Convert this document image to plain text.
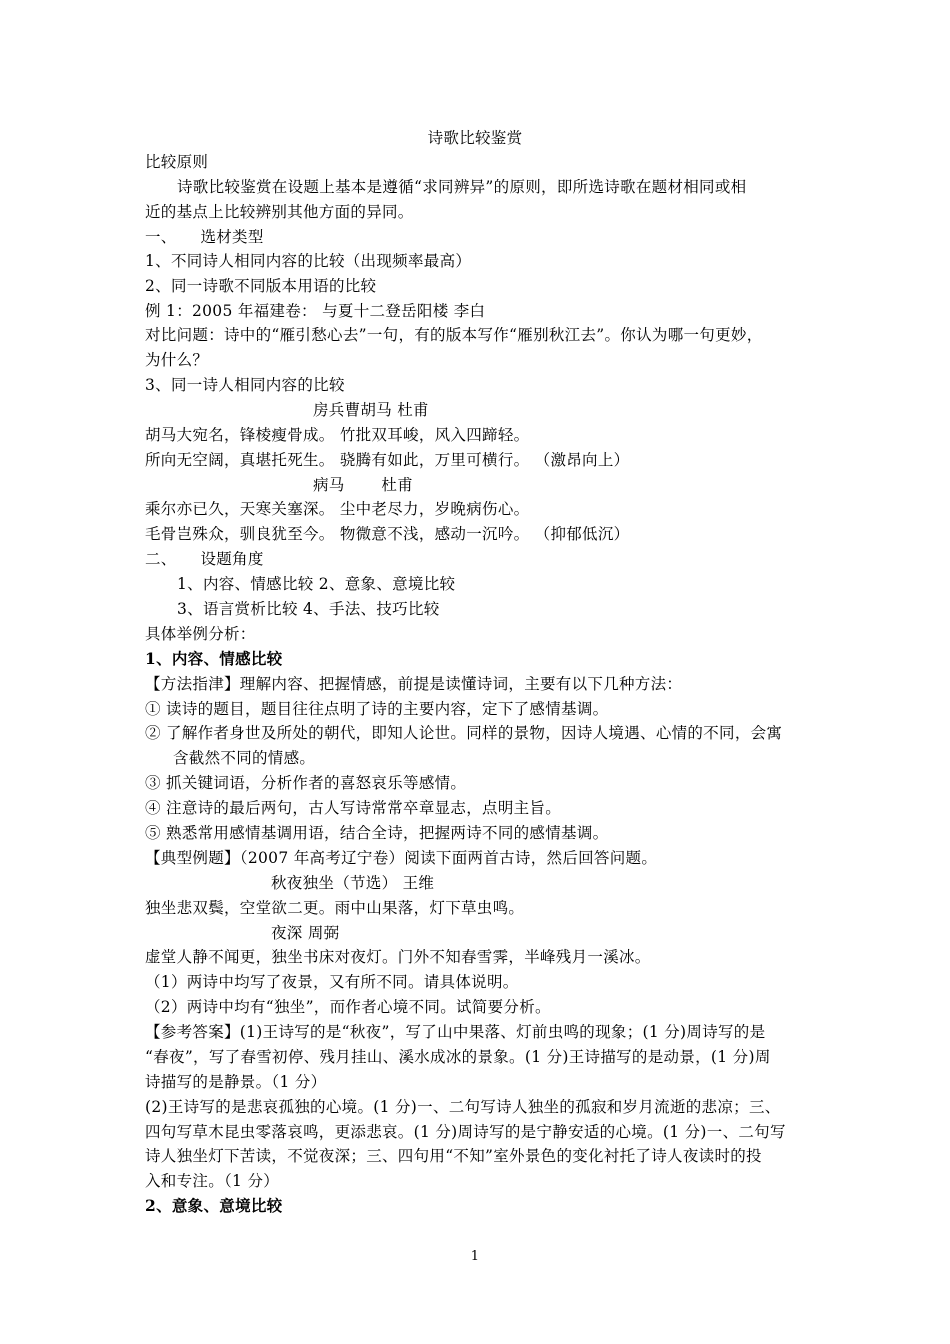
诗歌比较鉴赏
比较原则
诗歌比较鉴赏在设题上基本是遵循“求同辨异”的原则，即所选诗歌在题材相同或相
近的基点上比较辨别其他方面的异同。
一、　　选材类型
1、不同诗人相同内容的比较（出现频率最高）
2、同一诗歌不同版本用语的比较
例 1：2005 年福建卷： 与夏十二登岳阳楼 李白
对比问题：诗中的“雁引愁心去”一句，有的版本写作“雁别秋江去”。你认为哪一句更妙，
为什么？
3、同一诗人相同内容的比较
房兵曹胡马 杜甫
胡马大宛名，锋棱瘦骨成。 竹批双耳峻，风入四蹄轻。
所向无空阔，真堪托死生。 骁腾有如此，万里可横行。 （激昂向上）
病马　　 杜甫
乘尔亦已久，天寒关塞深。 尘中老尽力，岁晚病伤心。
毛骨岂殊众，驯良犹至今。 物微意不浅，感动一沉吟。 （抑郁低沉）
二、　　设题角度
1、内容、情感比较 2、意象、意境比较
3、语言赏析比较 4、手法、技巧比较
具体举例分析：
1、内容、情感比较
【方法指津】理解内容、把握情感，前提是读懂诗词，主要有以下几种方法：
① 读诗的题目，题目往往点明了诗的主要内容，定下了感情基调。
② 了解作者身世及所处的朝代，即知人论世。同样的景物，因诗人境遇、心情的不同，会寓
含截然不同的情感。
③ 抓关键词语，分析作者的喜怒哀乐等感情。
④ 注意诗的最后两句，古人写诗常常卒章显志，点明主旨。
⑤ 熟悉常用感情基调用语，结合全诗，把握两诗不同的感情基调。
【典型例题】（2007 年高考辽宁卷）阅读下面两首古诗，然后回答问题。
秋夜独坐（节选） 王维
独坐悲双鬓，空堂欲二更。雨中山果落，灯下草虫鸣。
夜深 周弼
虚堂人静不闻更，独坐书床对夜灯。门外不知春雪霁，半峰残月一溪冰。
（1）两诗中均写了夜景，又有所不同。请具体说明。
（2）两诗中均有“独坐”，而作者心境不同。试简要分析。
【参考答案】(1)王诗写的是“秋夜”，写了山中果落、灯前虫鸣的现象；(1 分)周诗写的是
“春夜”，写了春雪初停、残月挂山、溪水成冰的景象。(1 分)王诗描写的是动景，(1 分)周
诗描写的是静景。（1 分）
(2)王诗写的是悲哀孤独的心境。(1 分)一、二句写诗人独坐的孤寂和岁月流逝的悲凉；三、
四句写草木昆虫零落哀鸣，更添悲哀。(1 分)周诗写的是宁静安适的心境。(1 分)一、二句写
诗人独坐灯下苦读，不觉夜深；三、四句用“不知”室外景色的变化衬托了诗人夜读时的投
入和专注。（1 分）
2、意象、意境比较
1
